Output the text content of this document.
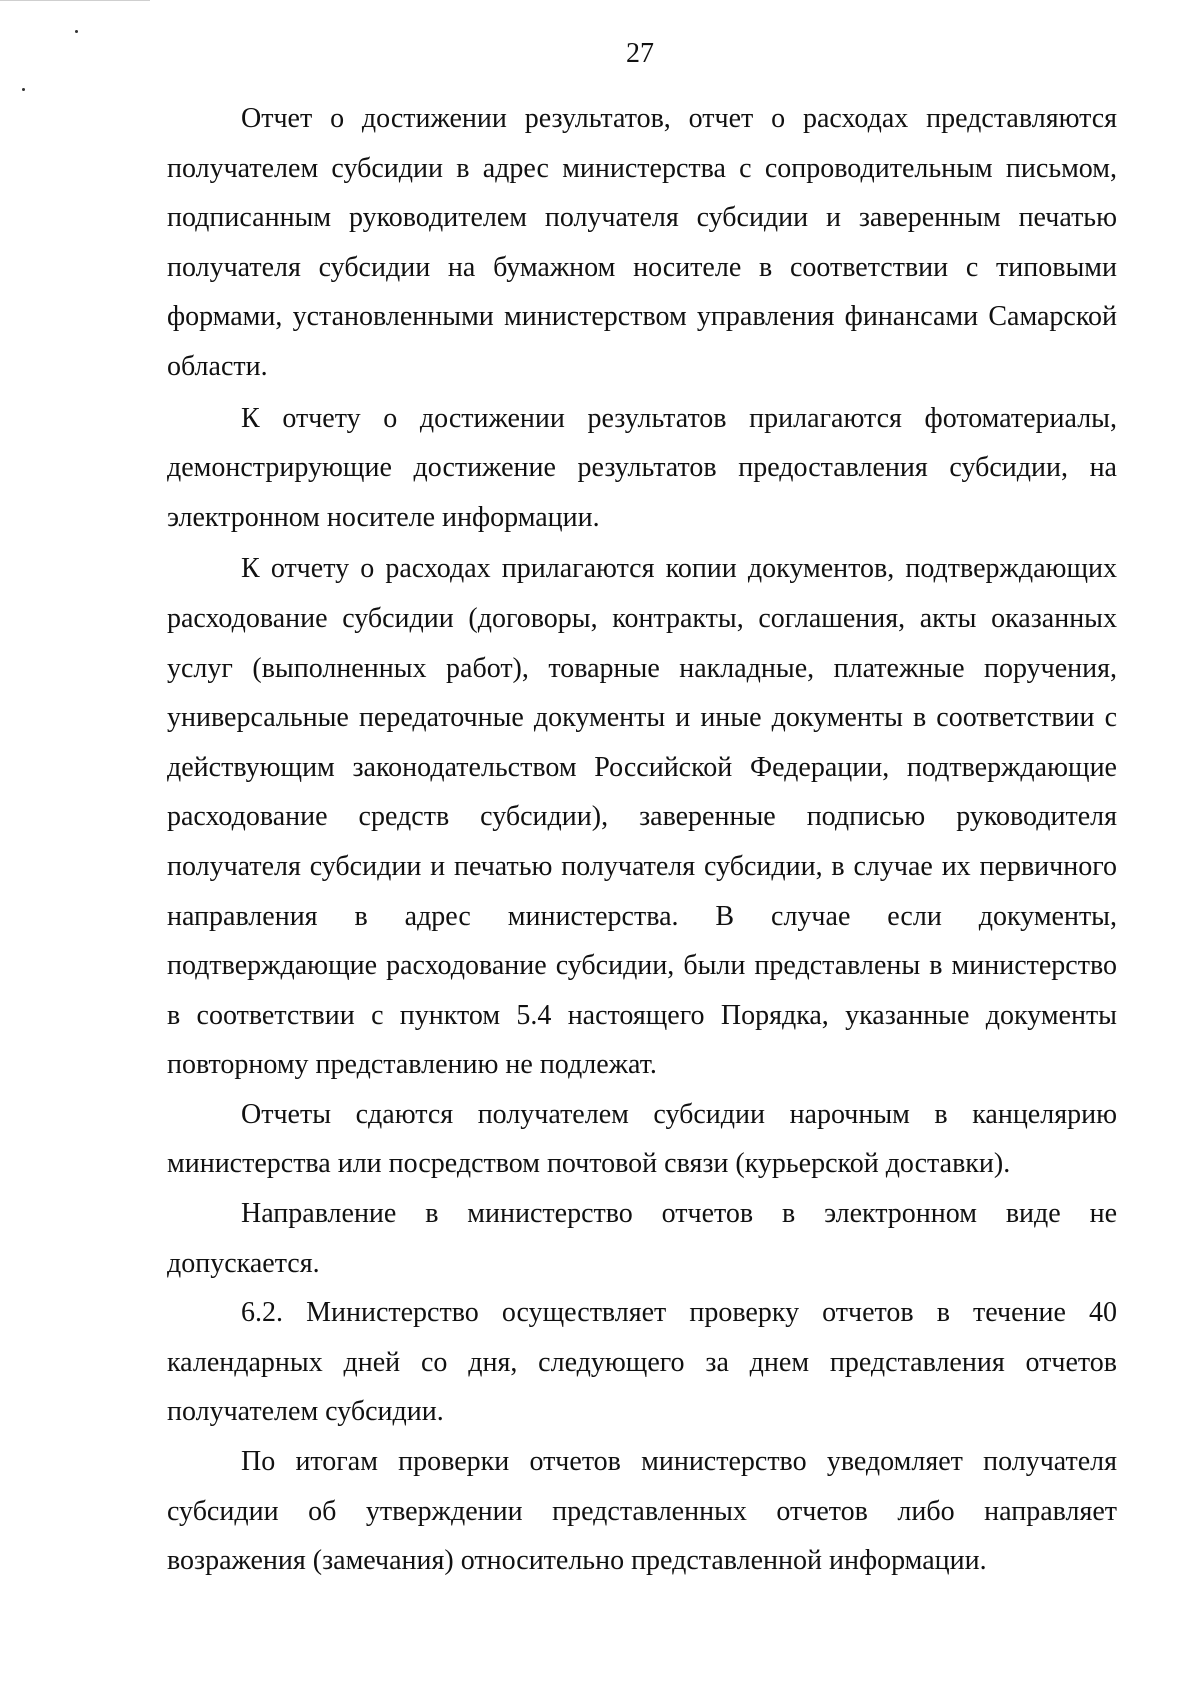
27

Отчет о достижении результатов, отчет о расходах представляются получателем субсидии в адрес министерства с сопроводительным письмом, подписанным руководителем получателя субсидии и заверенным печатью получателя субсидии на бумажном носителе в соответствии с типовыми формами, установленными министерством управления финансами Самарской области.

К отчету о достижении результатов прилагаются фотоматериалы, демонстрирующие достижение результатов предоставления субсидии, на электронном носителе информации.

К отчету о расходах прилагаются копии документов, подтверждающих расходование субсидии (договоры, контракты, соглашения, акты оказанных услуг (выполненных работ), товарные накладные, платежные поручения, универсальные передаточные документы и иные документы в соответствии с действующим законодательством Российской Федерации, подтверждающие расходование средств субсидии), заверенные подписью руководителя получателя субсидии и печатью получателя субсидии, в случае их первичного направления в адрес министерства. В случае если документы, подтверждающие расходование субсидии, были представлены в министерство в соответствии с пунктом 5.4 настоящего Порядка, указанные документы повторному представлению не подлежат.

Отчеты сдаются получателем субсидии нарочным в канцелярию министерства или посредством почтовой связи (курьерской доставки).

Направление в министерство отчетов в электронном виде не допускается.

6.2. Министерство осуществляет проверку отчетов в течение 40 календарных дней со дня, следующего за днем представления отчетов получателем субсидии.

По итогам проверки отчетов министерство уведомляет получателя субсидии об утверждении представленных отчетов либо направляет возражения (замечания) относительно представленной информации.
